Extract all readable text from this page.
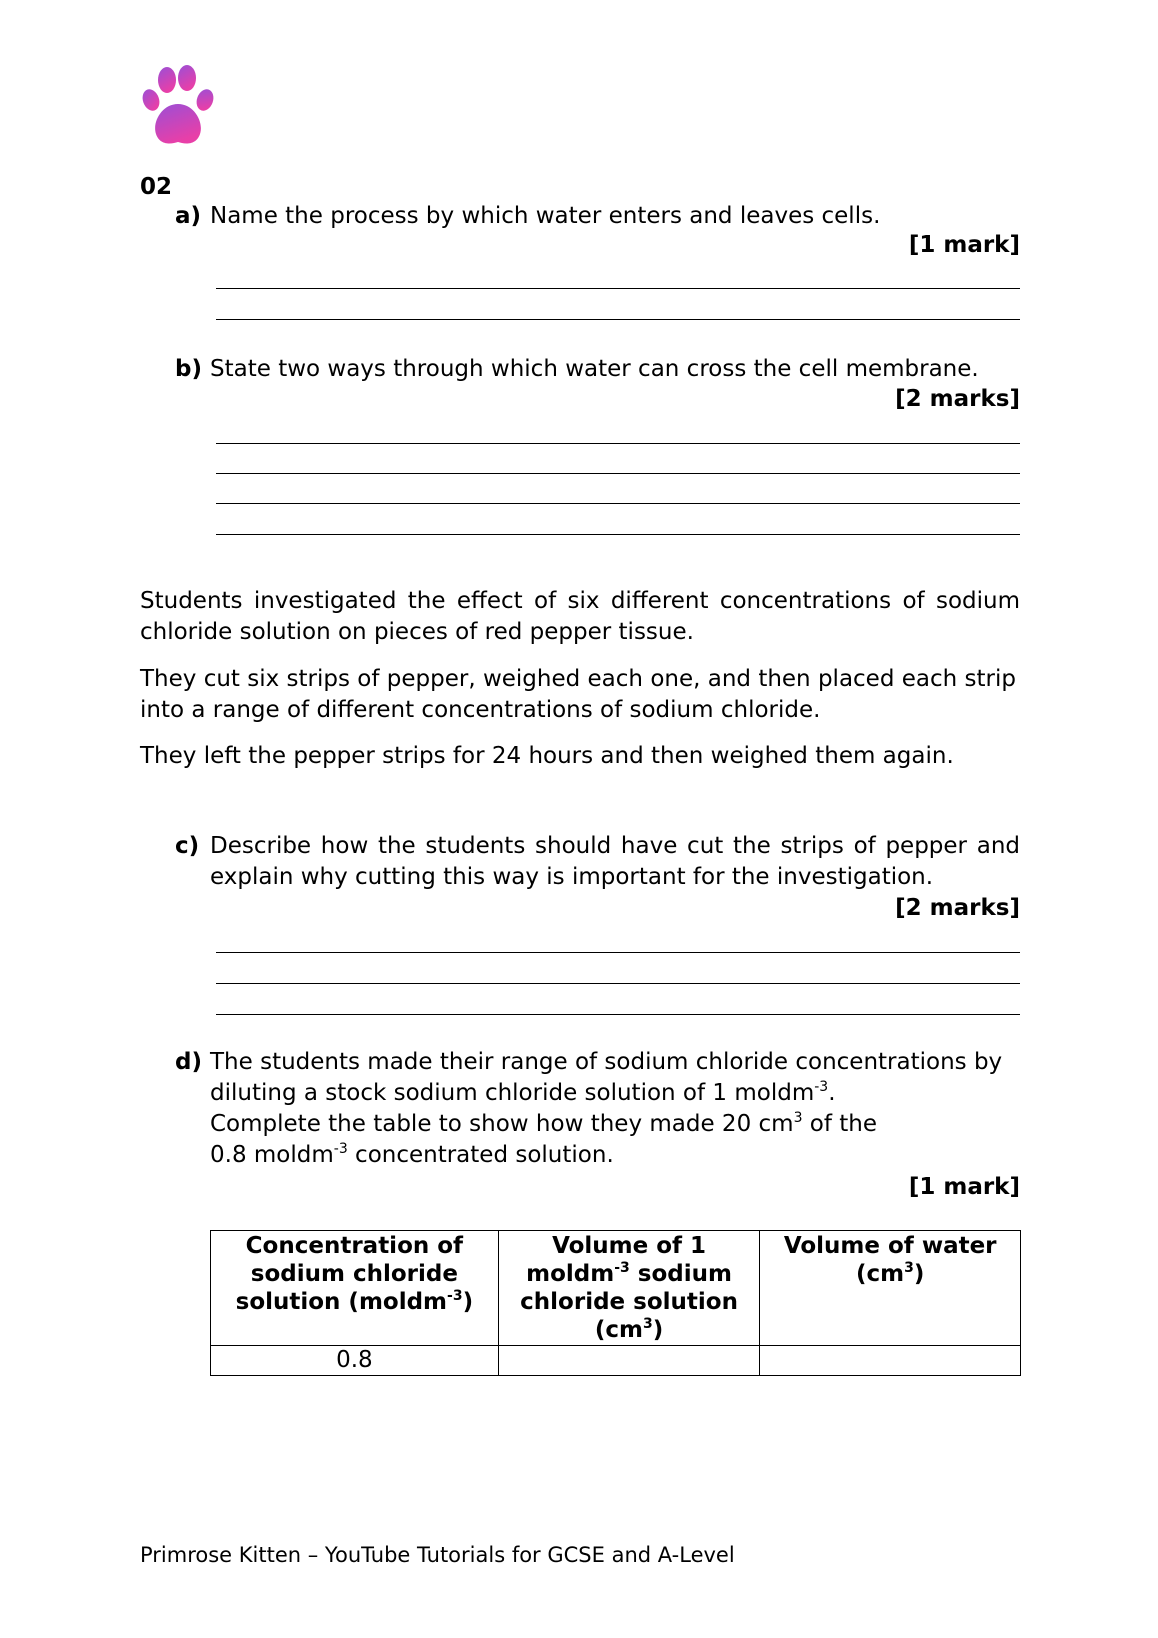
02
a) Name the process by which water enters and leaves cells.
[1 mark]
b) State two ways through which water can cross the cell membrane.
[2 marks]
Students investigated the effect of six different concentrations of sodium chloride solution on pieces of red pepper tissue.
They cut six strips of pepper, weighed each one, and then placed each strip into a range of different concentrations of sodium chloride.
They left the pepper strips for 24 hours and then weighed them again.
c) Describe how the students should have cut the strips of pepper and explain why cutting this way is important for the investigation.
[2 marks]
d) The students made their range of sodium chloride concentrations by
diluting a stock sodium chloride solution of 1 moldm$^{-3}$.
Complete the table to show how they made 20 $cm^3$ of the
0.8 moldm$^{-3}$ concentrated solution.
[1 mark]
Concentration of sodium chloride solution (moldm$^{-3}$)	Volume of 1 moldm$^{-3}$ sodium chloride solution $(cm^3)$	Volume of water $(cm^3)$
0.8		
Primrose Kitten – YouTube Tutorials for GCSE and A-Level
